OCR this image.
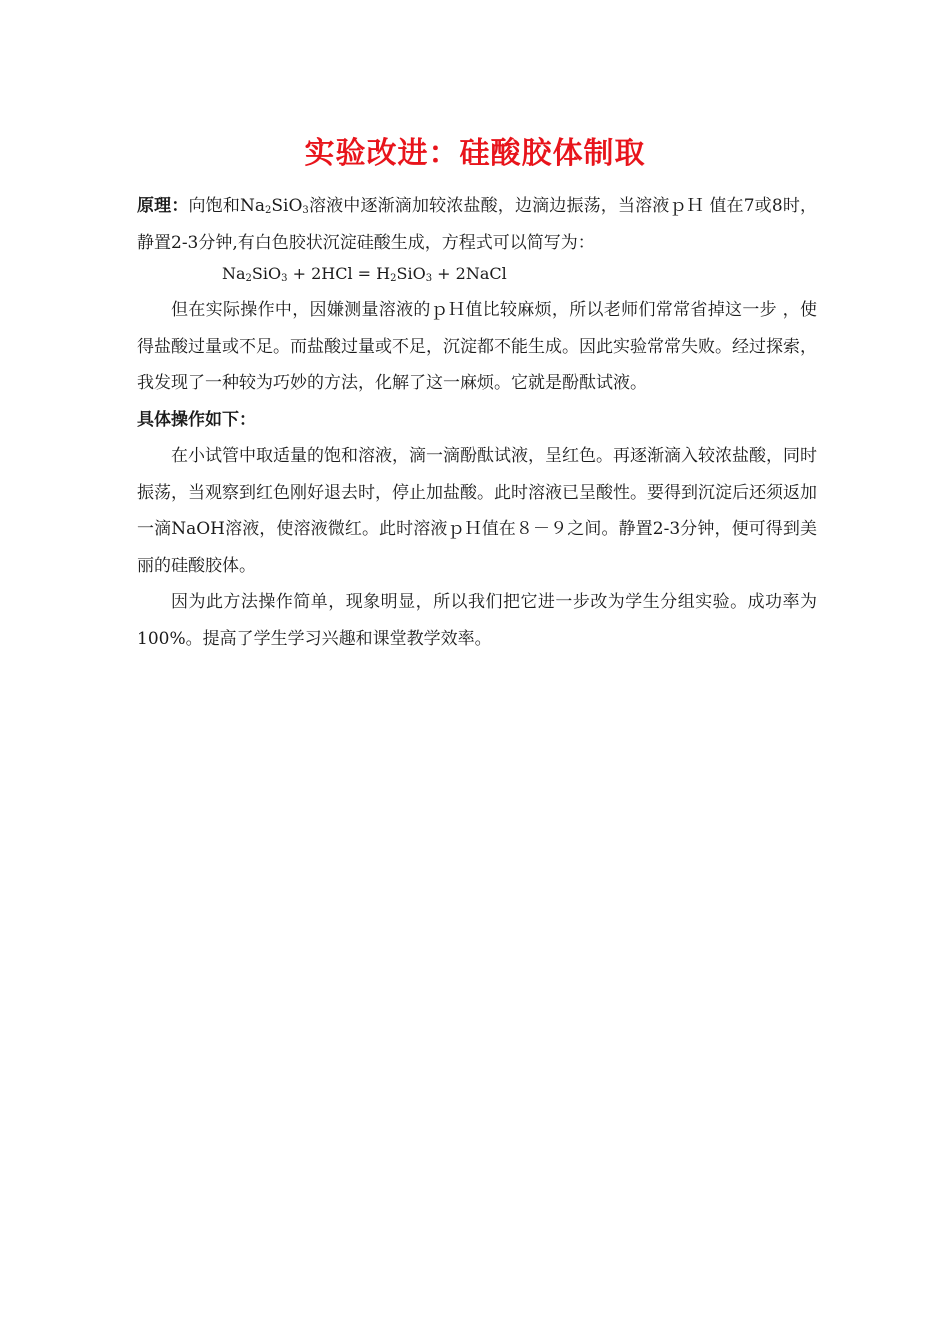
实验改进：硅酸胶体制取

原理：向饱和$Na_2SiO_3$溶液中逐渐滴加较浓盐酸，边滴边振荡，当溶液ｐＨ 值在7或8时，静置2-3分钟,有白色胶状沉淀硅酸生成，方程式可以简写为：

$Na_2SiO_3 + 2HCl = H_2SiO_3$ + 2NaCl

但在实际操作中，因嫌测量溶液的ｐＨ值比较麻烦，所以老师们常常省掉这一步 ，使得盐酸过量或不足。而盐酸过量或不足，沉淀都不能生成。因此实验常常失败。经过探索，我发现了一种较为巧妙的方法，化解了这一麻烦。它就是酚酞试液。

具体操作如下：

在小试管中取适量的饱和溶液，滴一滴酚酞试液，呈红色。再逐渐滴入较浓盐酸，同时振荡，当观察到红色刚好退去时，停止加盐酸。此时溶液已呈酸性。要得到沉淀后还须返加一滴NaOH溶液，使溶液微红。此时溶液ｐＨ值在８－９之间。静置2-3分钟，便可得到美丽的硅酸胶体。

因为此方法操作简单，现象明显，所以我们把它进一步改为学生分组实验。成功率为100%。提高了学生学习兴趣和课堂教学效率。
